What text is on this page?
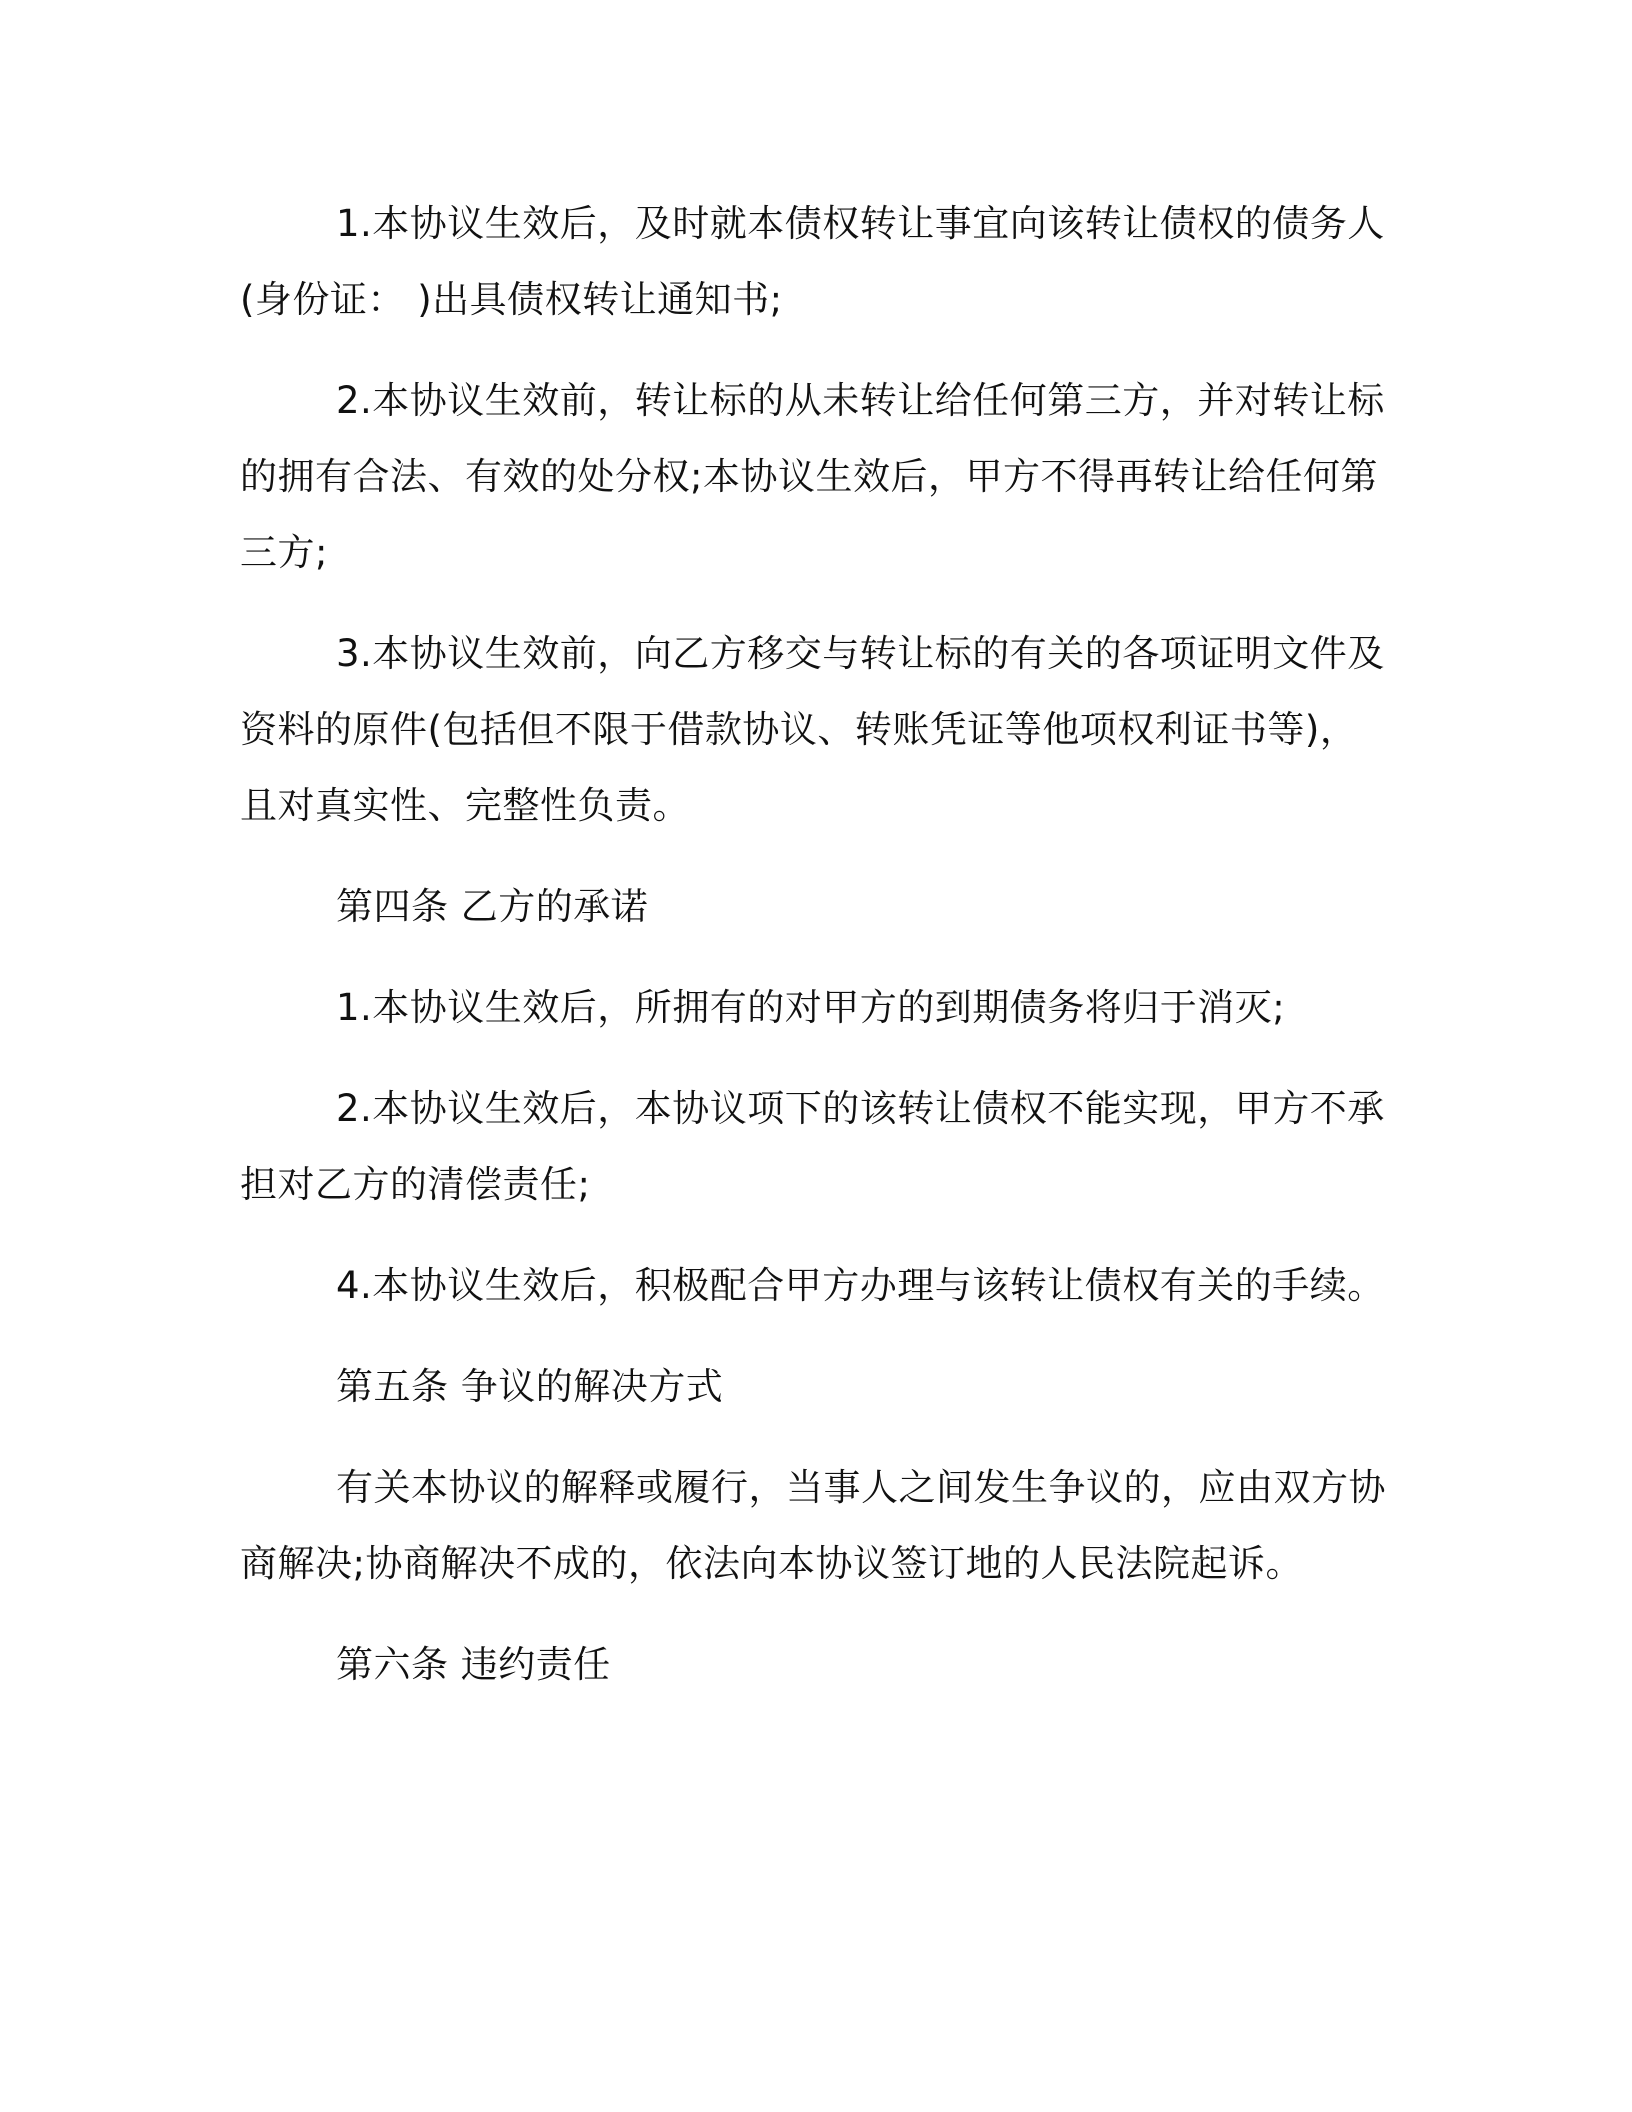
1.本协议生效后，及时就本债权转让事宜向该转让债权的债务人(身份证： )出具债权转让通知书;

2.本协议生效前，转让标的从未转让给任何第三方，并对转让标的拥有合法、有效的处分权;本协议生效后，甲方不得再转让给任何第三方;

3.本协议生效前，向乙方移交与转让标的有关的各项证明文件及资料的原件(包括但不限于借款协议、转账凭证等他项权利证书等)，且对真实性、完整性负责。

第四条 乙方的承诺

1.本协议生效后，所拥有的对甲方的到期债务将归于消灭;

2.本协议生效后，本协议项下的该转让债权不能实现，甲方不承担对乙方的清偿责任;

4.本协议生效后，积极配合甲方办理与该转让债权有关的手续。

第五条 争议的解决方式

有关本协议的解释或履行，当事人之间发生争议的，应由双方协商解决;协商解决不成的，依法向本协议签订地的人民法院起诉。

第六条 违约责任
